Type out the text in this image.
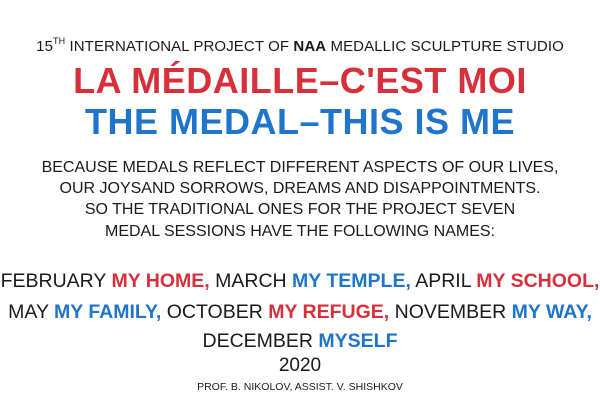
15TH INTERNATIONAL PROJECT OF NAA MEDALLIC SCULPTURE STUDIO
LA MÉDAILLE–C'EST MOI
THE MEDAL–THIS IS ME
BECAUSE MEDALS REFLECT DIFFERENT ASPECTS OF OUR LIVES,
OUR JOYSAND SORROWS, DREAMS AND DISAPPOINTMENTS.
SO THE TRADITIONAL ONES FOR THE PROJECT SEVEN
MEDAL SESSIONS HAVE THE FOLLOWING NAMES:
FEBRUARY MY HOME, MARCH MY TEMPLE, APRIL MY SCHOOL,
MAY MY FAMILY, OCTOBER MY REFUGE, NOVEMBER MY WAY,
DECEMBER MYSELF
2020
PROF. B. NIKOLOV, ASSIST. V. SHISHKOV
